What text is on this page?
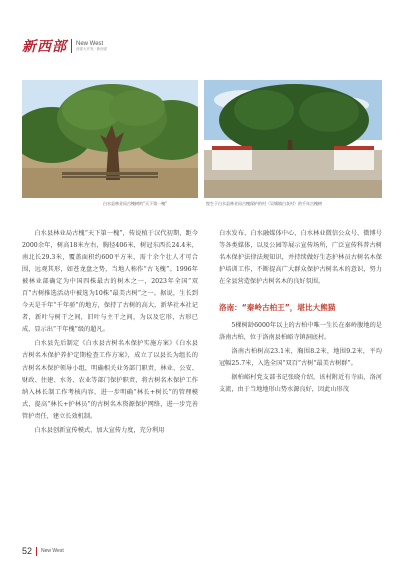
新西部 New West
西部大开发 · 新西部
白水县林业局古槐树的“天下第一槐”	悦生于白水县林业局古槐保护的村（吴城镇白灰村）的千年古槐树

白水县林业局古槐“天下第一槐”，传说植于汉代初期，距今2000余年，树高18米左右，胸径406米，树冠东西长24.4米，南北长29.3米，覆盖面积约600平方米，需十余个壮人才可合围，远观其形，如苍龙盘之势，当地人称作“古飞槐”。1996年被林业部确定为中国四株最古的树木之一，2023年全国“双百”古树推选活动中被选为10株“最美古树”之一。据说，生长到今天是千年“千年骄”的地方，保持了古树的高大，新华社本社记者，新叶与树干之间，旧叶与主干之间，为以及它形，古形已成，显示出“干年槐”级的超凡。

白水县先后制定《白水县古树名木保护实施方案》《白水县古树名木保护养护定期检查工作方案》，成立了以县长为组长的古树名木保护领导小组，明确相关业务部门职责，林业、公安、财政、住建、水务、农业等部门保护职责，将古树名木保护工作纳入林长制工作考核内容，进一步明确“林长+树长”的管理模式，提高“林长+护林员”的古树名木资源保护网络，进一步完善管护责任，建立长效机制。

白水县创新宣传模式，加大宣传力度，充分利用

白水发布、白水融媒体中心、白水林业微信公众号、微博号等各类媒体，以及公园等展示宣传场所，广泛宣传科普古树名木保护法律法规知识，并持续做好生态护林员古树名木保护培训工作，不断提高广大群众保护古树名木的意识，努力在全县营造保护古树名木的良好氛围。

洛南：“秦岭古柏王”，堪比大熊猫

5棵树龄6000年以上的古柏中唯一生长在秦岭腹地的是洛南古柏，位于洛南县柏峪寺镇洞底村。

洛南古柏树高23.1米，胸围8.2米，地围9.2米，平均冠幅25.7米，入选全国“双百”古树“最美古树群”。

据柏峪村党支部书记张晓介绍，该村附近有寺庙，洛河支流，由于当地地形山势水源良好，因此山形茂

52 New West
